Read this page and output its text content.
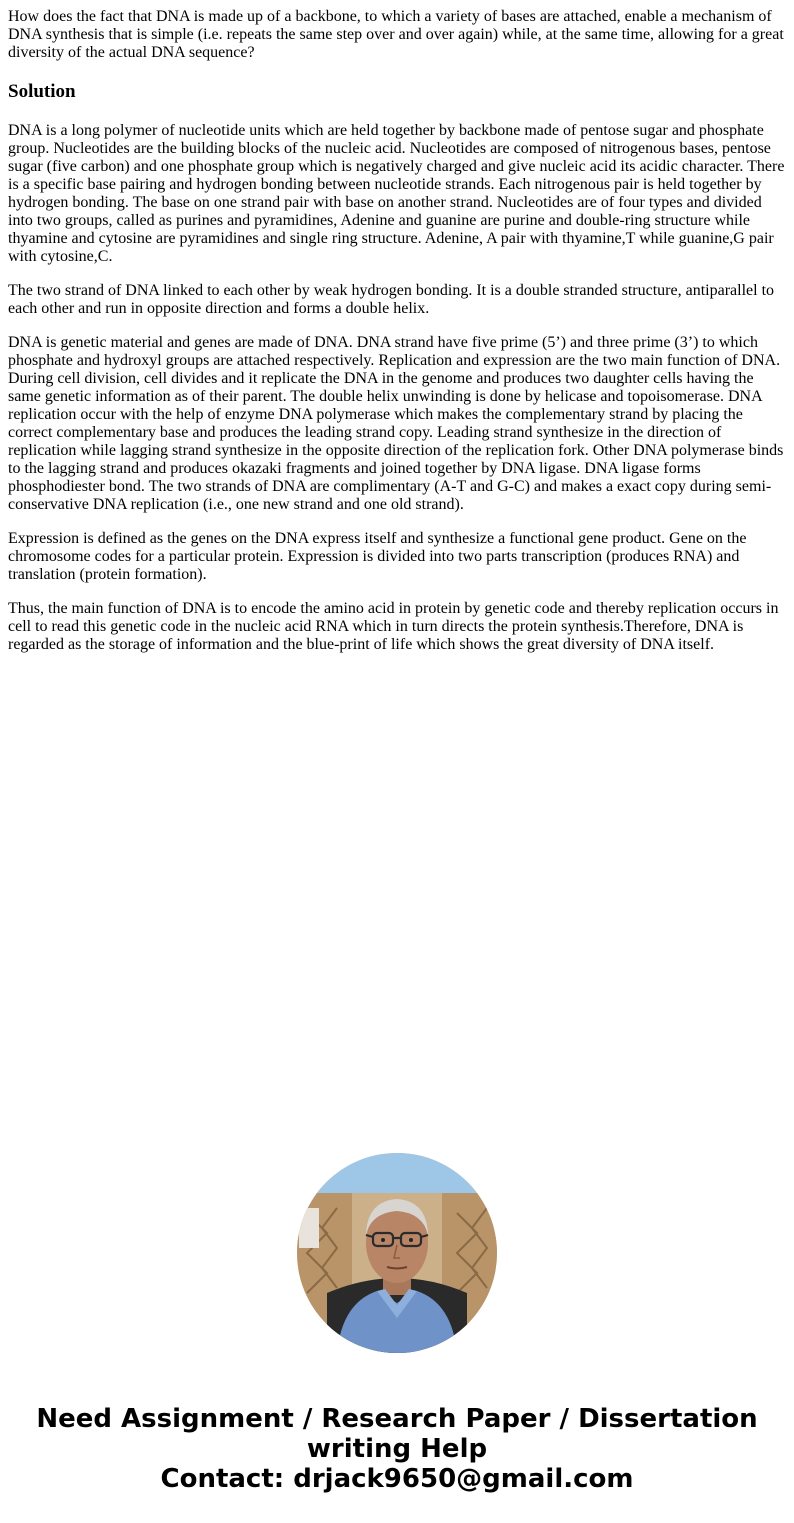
How does the fact that DNA is made up of a backbone, to which a variety of bases are attached, enable a mechanism of DNA synthesis that is simple (i.e. repeats the same step over and over again) while, at the same time, allowing for a great diversity of the actual DNA sequence?

Solution

DNA is a long polymer of nucleotide units which are held together by backbone made of pentose sugar and phosphate group. Nucleotides are the building blocks of the nucleic acid. Nucleotides are composed of nitrogenous bases, pentose sugar (five carbon) and one phosphate group which is negatively charged and give nucleic acid its acidic character. There is a specific base pairing and hydrogen bonding between nucleotide strands. Each nitrogenous pair is held together by hydrogen bonding. The base on one strand pair with base on another strand. Nucleotides are of four types and divided into two groups, called as purines and pyramidines, Adenine and guanine are purine and double-ring structure while thyamine and cytosine are pyramidines and single ring structure. Adenine, A pair with thyamine,T while guanine,G pair with cytosine,C.

The two strand of DNA linked to each other by weak hydrogen bonding. It is a double stranded structure, antiparallel to each other and run in opposite direction and forms a double helix.

DNA is genetic material and genes are made of DNA. DNA strand have five prime (5’) and three prime (3’) to which phosphate and hydroxyl groups are attached respectively. Replication and expression are the two main function of DNA. During cell division, cell divides and it replicate the DNA in the genome and produces two daughter cells having the same genetic information as of their parent. The double helix unwinding is done by helicase and topoisomerase. DNA replication occur with the help of enzyme DNA polymerase which makes the complementary strand by placing the correct complementary base and produces the leading strand copy. Leading strand synthesize in the direction of replication while lagging strand synthesize in the opposite direction of the replication fork. Other DNA polymerase binds to the lagging strand and produces okazaki fragments and joined together by DNA ligase. DNA ligase forms phosphodiester bond. The two strands of DNA are complimentary (A-T and G-C) and makes a exact copy during semi-conservative DNA replication (i.e., one new strand and one old strand).

Expression is defined as the genes on the DNA express itself and synthesize a functional gene product. Gene on the chromosome codes for a particular protein. Expression is divided into two parts transcription (produces RNA) and translation (protein formation).

Thus, the main function of DNA is to encode the amino acid in protein by genetic code and thereby replication occurs in cell to read this genetic code in the nucleic acid RNA which in turn directs the protein synthesis.Therefore, DNA is regarded as the storage of information and the blue-print of life which shows the great diversity of DNA itself.

Need Assignment / Research Paper / Dissertation
writing Help
Contact: drjack9650@gmail.com
